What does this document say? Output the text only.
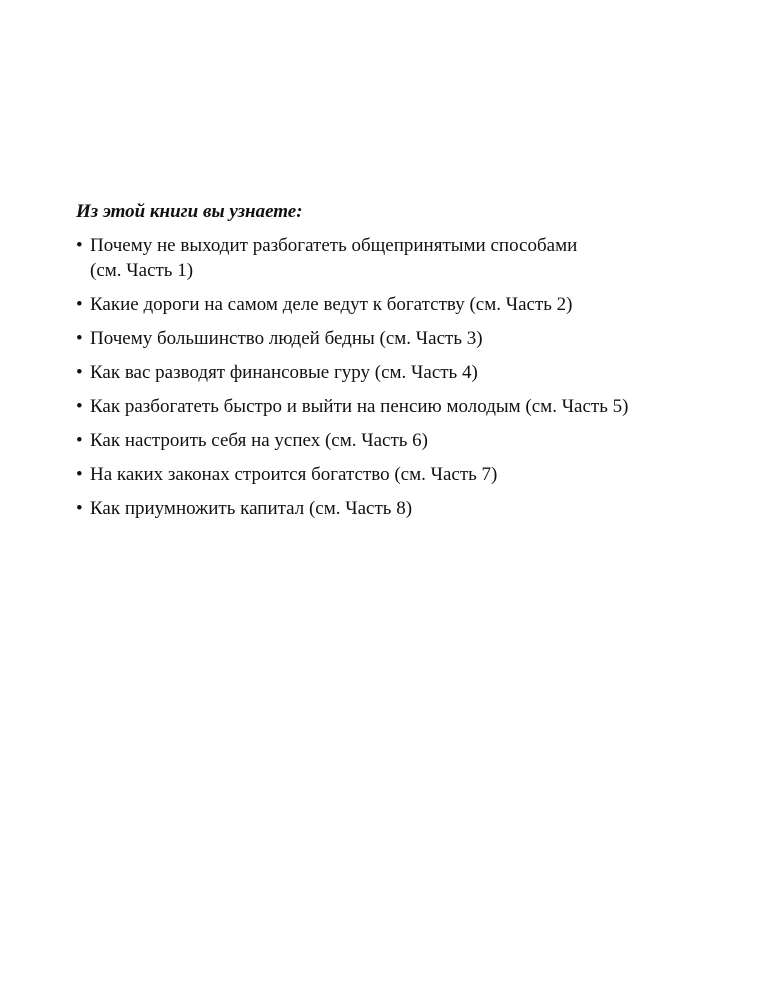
Из этой книги вы узнаете:

• Почему не выходит разбогатеть общепринятыми способами
(см. Часть 1)
• Какие дороги на самом деле ведут к богатству (см. Часть 2)
• Почему большинство людей бедны (см. Часть 3)
• Как вас разводят финансовые гуру (см. Часть 4)
• Как разбогатеть быстро и выйти на пенсию молодым (см. Часть 5)
• Как настроить себя на успех (см. Часть 6)
• На каких законах строится богатство (см. Часть 7)
• Как приумножить капитал (см. Часть 8)
